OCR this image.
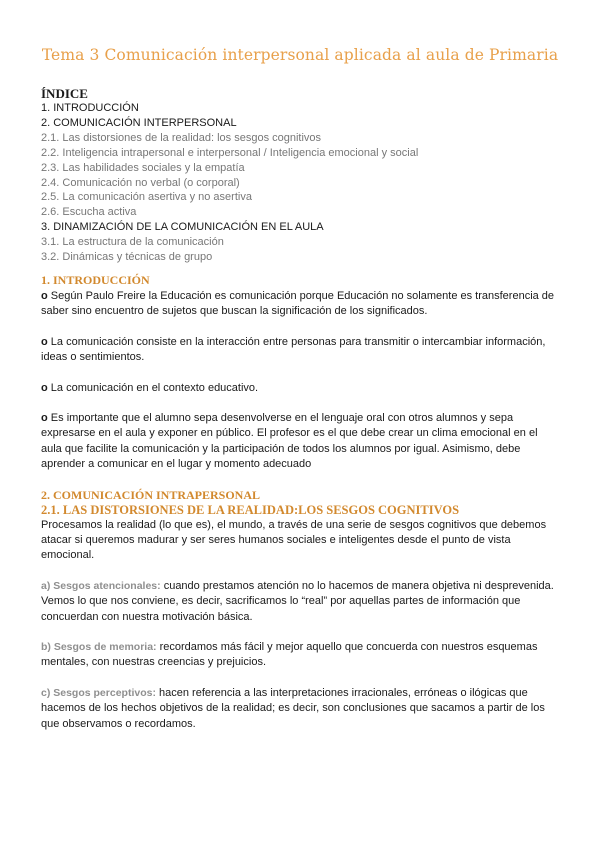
Tema 3 Comunicación interpersonal aplicada al aula de Primaria
ÍNDICE
1. INTRODUCCIÓN
2. COMUNICACIÓN INTERPERSONAL
2.1. Las distorsiones de la realidad: los sesgos cognitivos
2.2. Inteligencia intrapersonal e interpersonal / Inteligencia emocional y social
2.3. Las habilidades sociales y la empatía
2.4. Comunicación no verbal (o corporal)
2.5. La comunicación asertiva y no asertiva
2.6. Escucha activa
3. DINAMIZACIÓN DE LA COMUNICACIÓN EN EL AULA
3.1. La estructura de la comunicación
3.2. Dinámicas y técnicas de grupo
1. INTRODUCCIÓN

o Según Paulo Freire la Educación es comunicación porque Educación no solamente es transferencia de saber sino encuentro de sujetos que buscan la significación de los significados.

o La comunicación consiste en la interacción entre personas para transmitir o intercambiar información, ideas o sentimientos.

o La comunicación en el contexto educativo.

o Es importante que el alumno sepa desenvolverse en el lenguaje oral con otros alumnos y sepa expresarse en el aula y exponer en público. El profesor es el que debe crear un clima emocional en el aula que facilite la comunicación y la participación de todos los alumnos por igual. Asimismo, debe aprender a comunicar en el lugar y momento adecuado

2. COMUNICACIÓN INTRAPERSONAL
2.1. LAS DISTORSIONES DE LA REALIDAD:LOS SESGOS COGNITIVOS

Procesamos la realidad (lo que es), el mundo, a través de una serie de sesgos cognitivos que debemos atacar si queremos madurar y ser seres humanos sociales e inteligentes desde el punto de vista emocional.

a) Sesgos atencionales: cuando prestamos atención no lo hacemos de manera objetiva ni desprevenida. Vemos lo que nos conviene, es decir, sacrificamos lo “real” por aquellas partes de información que concuerdan con nuestra motivación básica.

b) Sesgos de memoria: recordamos más fácil y mejor aquello que concuerda con nuestros esquemas mentales, con nuestras creencias y prejuicios.

c) Sesgos perceptivos: hacen referencia a las interpretaciones irracionales, erróneas o ilógicas que hacemos de los hechos objetivos de la realidad; es decir, son conclusiones que sacamos a partir de los que observamos o recordamos.
